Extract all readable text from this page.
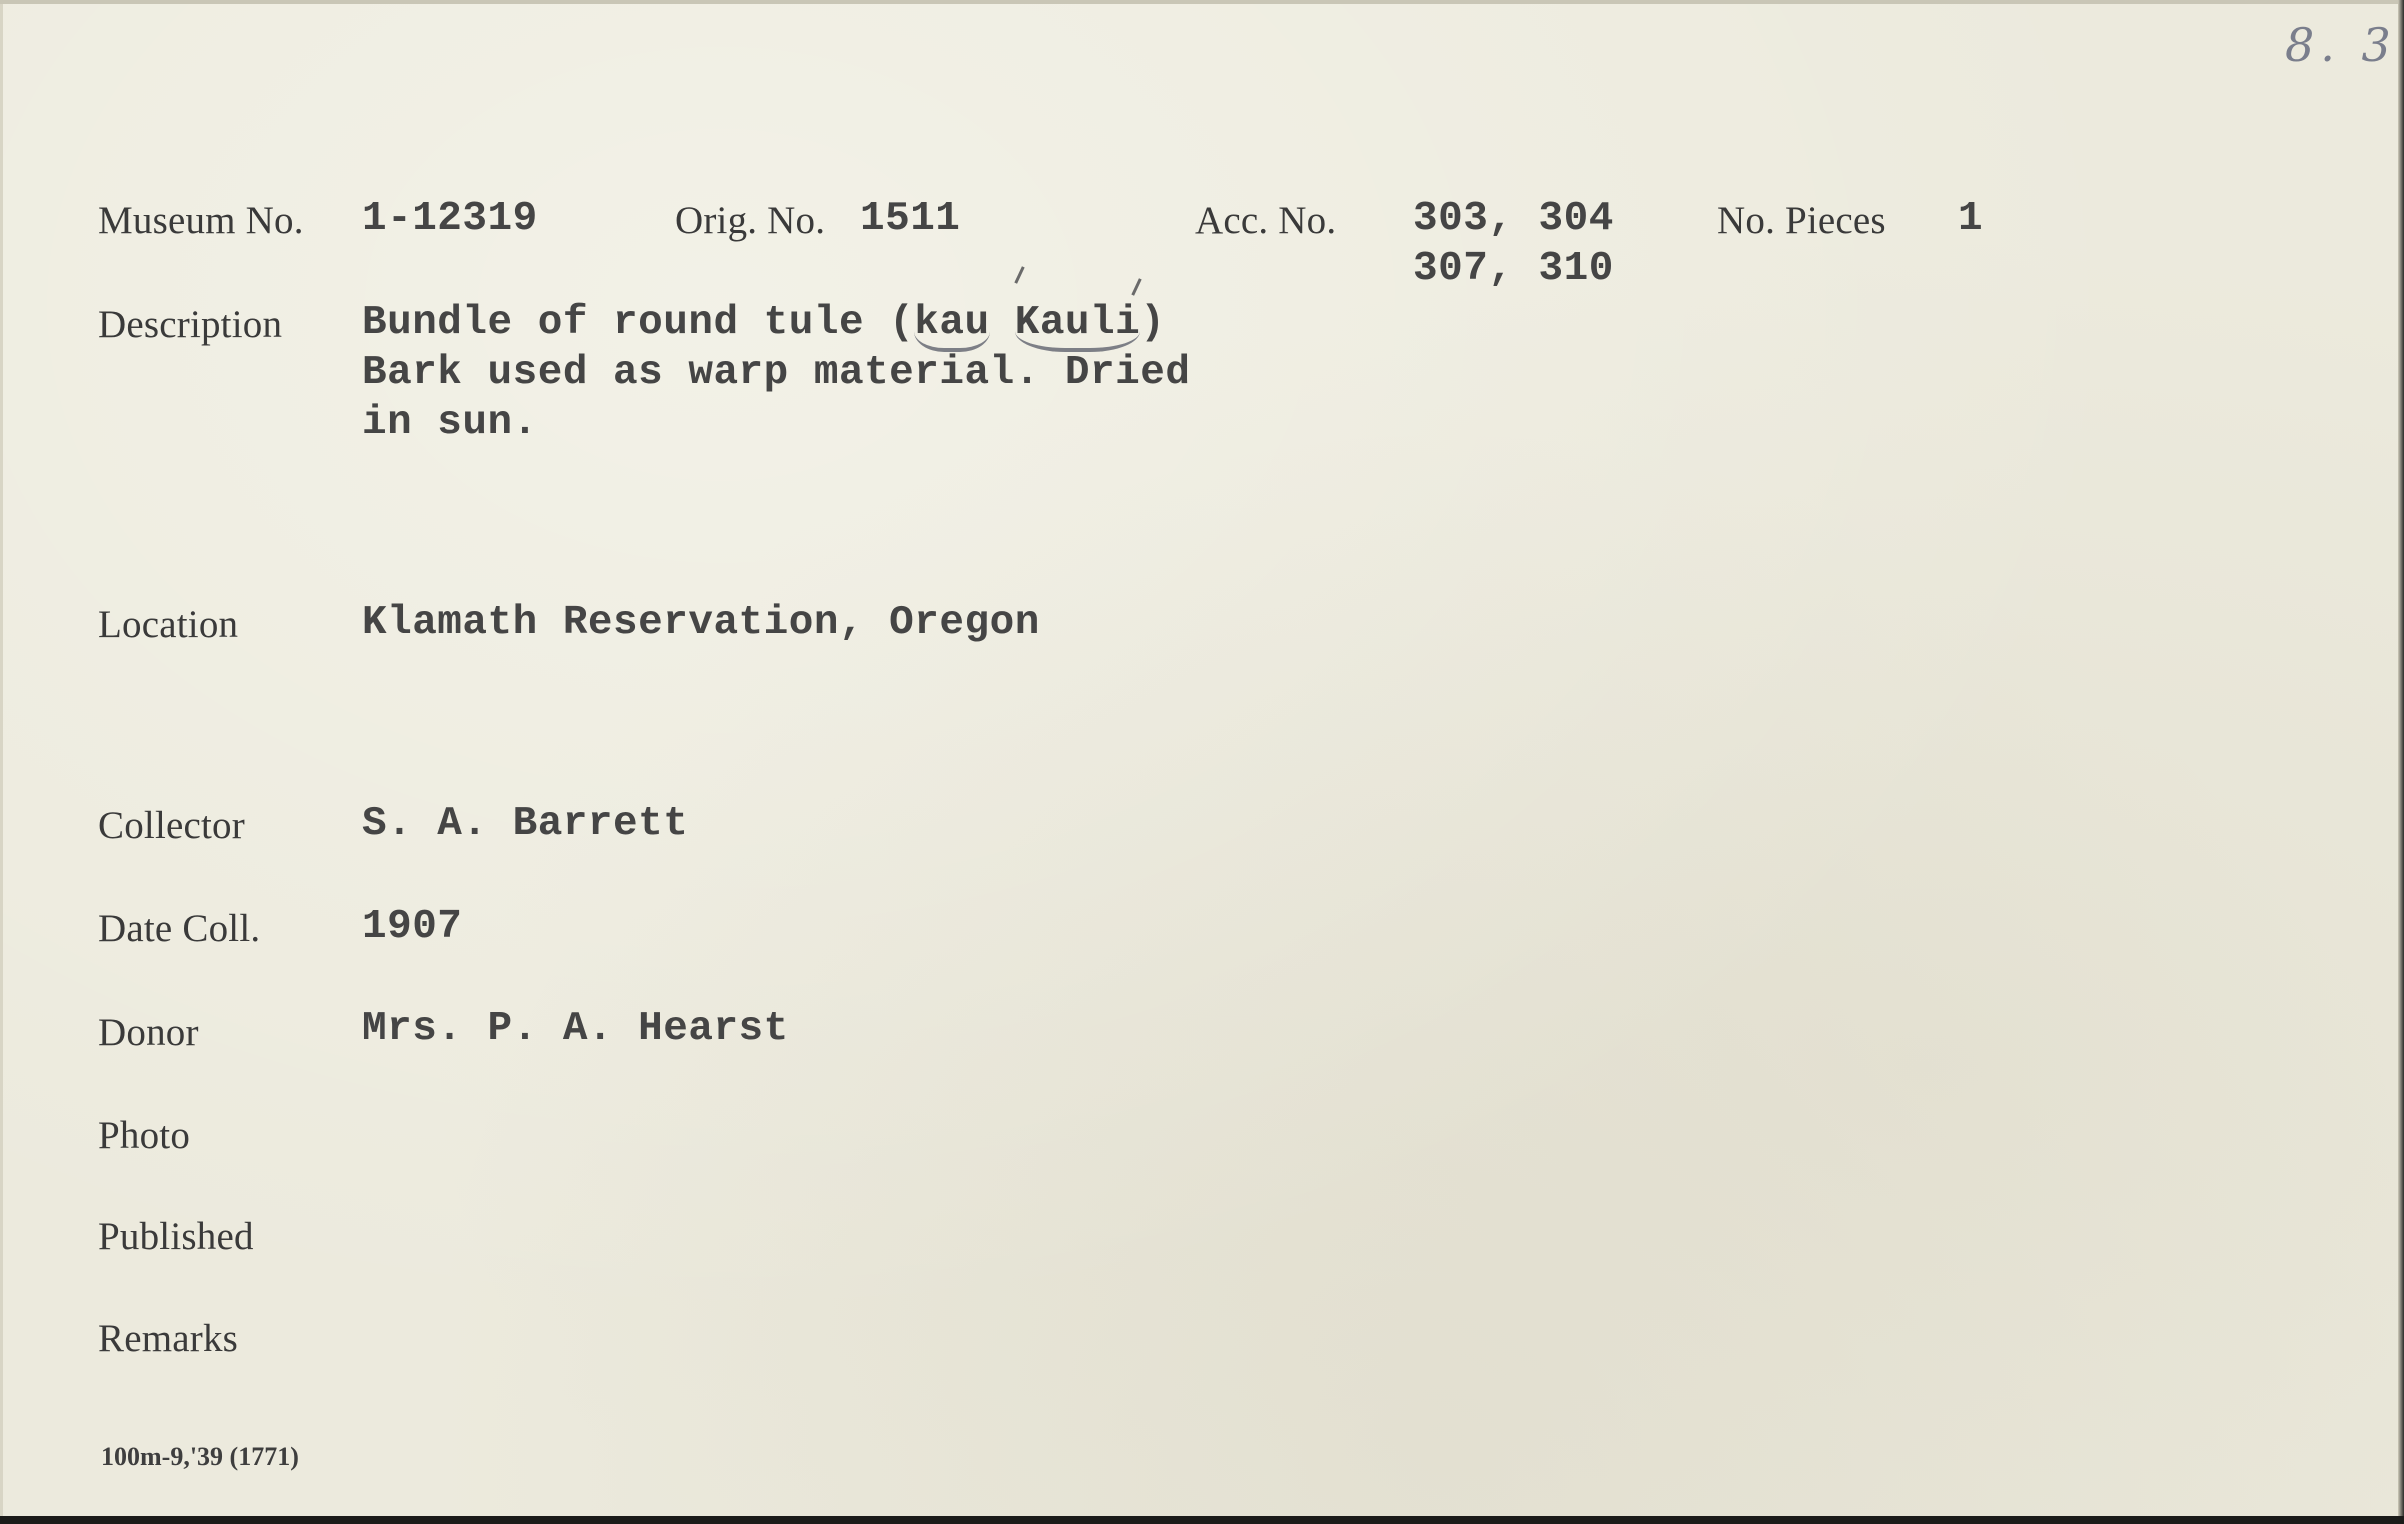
8. 3
Museum No. 1-12319	Orig. No. 1511	Acc. No. 303, 304
307, 310
No. Pieces 1
Description Bundle of round tule (kau Kauli)
Bark used as warp material. Dried
in sun.
Location	Klamath Reservation, Oregon
Collector	S. A. Barrett
Date Coll. 1907
Donor	Mrs. P. A. Hearst
Photo
Published
Remarks
100m-9,'39 (1771)
